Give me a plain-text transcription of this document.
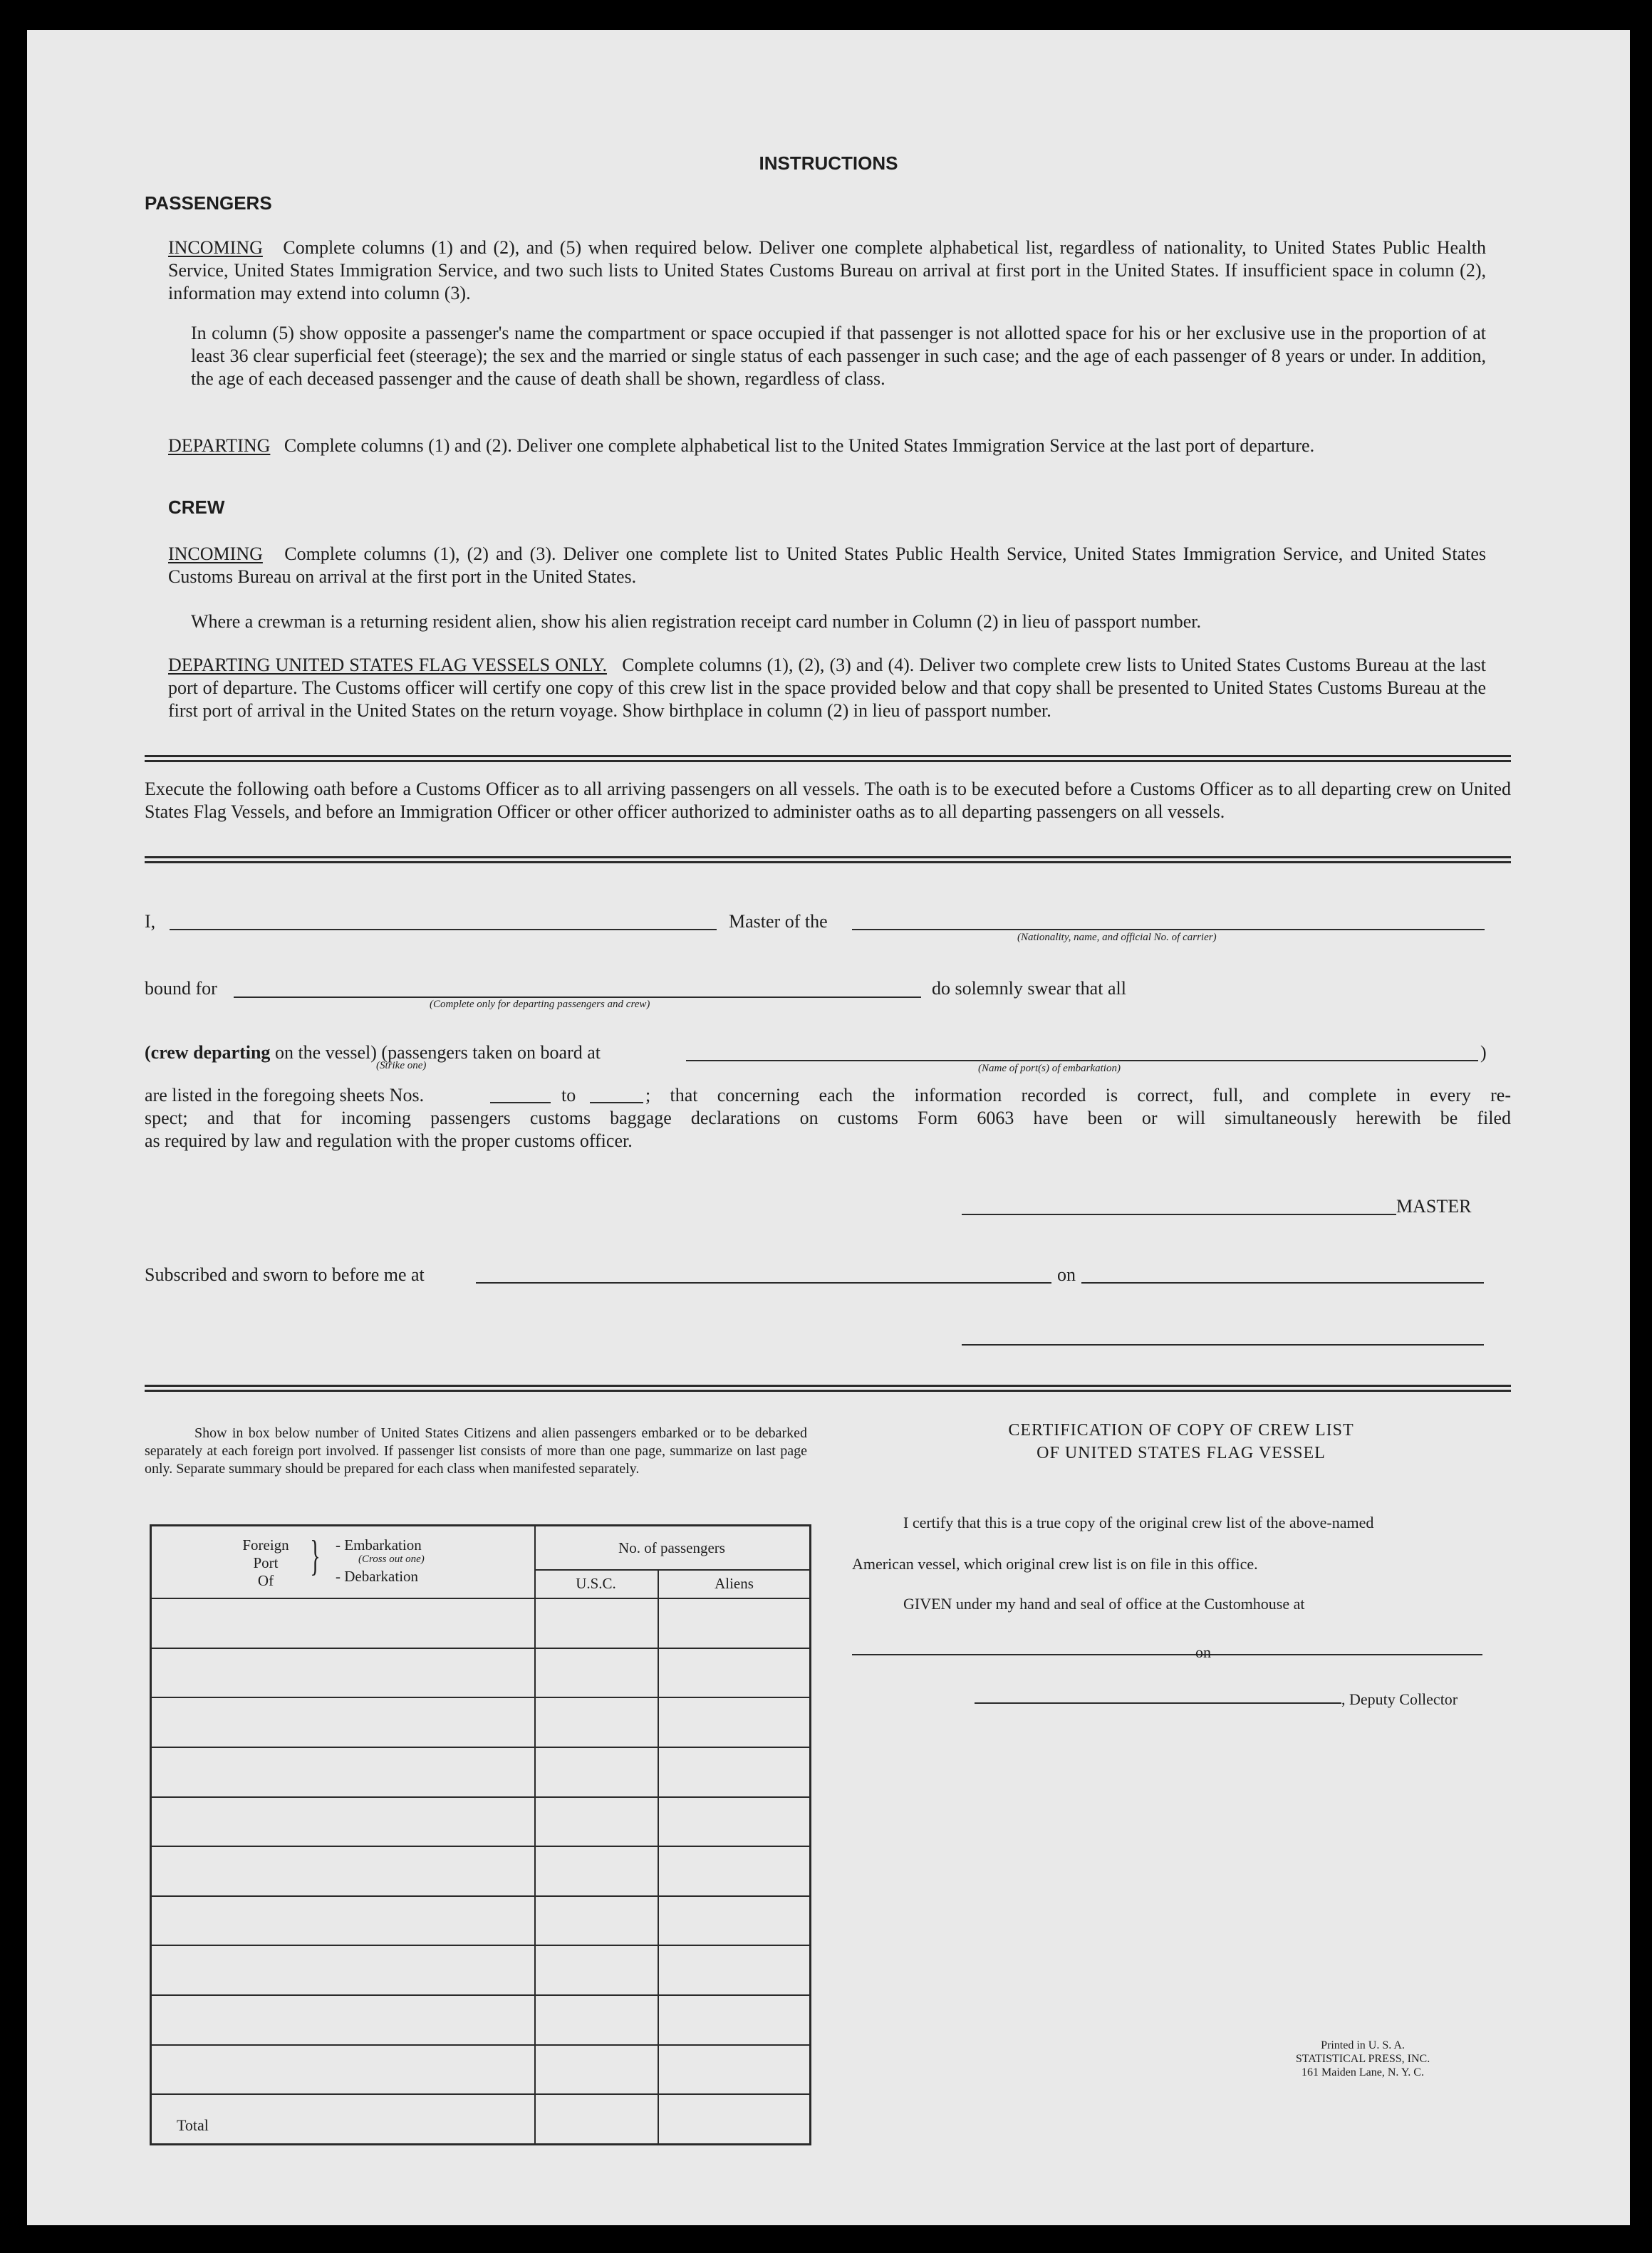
INSTRUCTIONS
PASSENGERS
INCOMING Complete columns (1) and (2), and (5) when required below. Deliver one complete alphabetical list, regardless of nationality, to United States Public Health Service, United States Immigration Service, and two such lists to United States Customs Bureau on arrival at first port in the United States. If insufficient space in column (2), information may extend into column (3).
In column (5) show opposite a passenger's name the compartment or space occupied if that passenger is not allotted space for his or her exclusive use in the proportion of at least 36 clear superficial feet (steerage); the sex and the married or single status of each passenger in such case; and the age of each passenger of 8 years or under. In addition, the age of each deceased passenger and the cause of death shall be shown, regardless of class.
DEPARTING Complete columns (1) and (2). Deliver one complete alphabetical list to the United States Immigration Service at the last port of departure.
CREW
INCOMING Complete columns (1), (2) and (3). Deliver one complete list to United States Public Health Service, United States Immigration Service, and United States Customs Bureau on arrival at the first port in the United States.
Where a crewman is a returning resident alien, show his alien registration receipt card number in Column (2) in lieu of passport number.
DEPARTING UNITED STATES FLAG VESSELS ONLY. Complete columns (1), (2), (3) and (4). Deliver two complete crew lists to United States Customs Bureau at the last port of departure. The Customs officer will certify one copy of this crew list in the space provided below and that copy shall be presented to United States Customs Bureau at the first port of arrival in the United States on the return voyage. Show birthplace in column (2) in lieu of passport number.
Execute the following oath before a Customs Officer as to all arriving passengers on all vessels. The oath is to be executed before a Customs Officer as to all departing crew on United States Flag Vessels, and before an Immigration Officer or other officer authorized to administer oaths as to all departing passengers on all vessels.
I,	Master of the
(Nationality, name, and official No. of carrier)
bound for
(Complete only for departing passengers and crew)
do solemnly swear that all
(crew departing on the vessel) (passengers taken on board at
(Strike one)	(Name of port(s) of embarkation)
)
are listed in the foregoing sheets Nos.	to	; that concerning each the information recorded is correct, full, and complete in every re-
spect; and that for incoming passengers customs baggage declarations on customs Form 6063 have been or will simultaneously herewith be filed
as required by law and regulation with the proper customs officer.
MASTER
Subscribed and sworn to before me at	on
Show in box below number of United States Citizens and alien passengers embarked or to be debarked separately at each foreign port involved. If passenger list consists of more than one page, summarize on last page only. Separate summary should be prepared for each class when manifested separately.
Foreign
Port
Of
} - Embarkation
(Cross out one)
- Debarkation
No. of passengers
U.S.C.	Aliens
Total
CERTIFICATION OF COPY OF CREW LIST
OF UNITED STATES FLAG VESSEL
I certify that this is a true copy of the original crew list of the above-named
American vessel, which original crew list is on file in this office.
GIVEN under my hand and seal of office at the Customhouse at
on
, Deputy Collector
Printed in U. S. A.
STATISTICAL PRESS, INC.
161 Maiden Lane, N. Y. C.
